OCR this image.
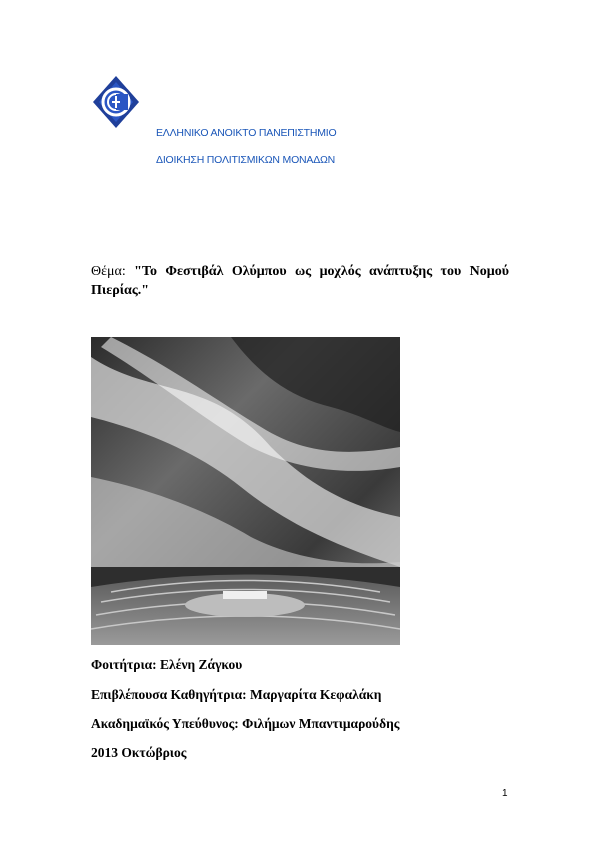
ΕΛΛΗΝΙΚΟ ΑΝΟΙΚΤΟ ΠΑΝΕΠΙΣΤΗΜΙΟ
ΔΙΟΙΚΗΣΗ ΠΟΛΙΤΙΣΜΙΚΩΝ ΜΟΝΑΔΩΝ
Θέμα: "Το Φεστιβάλ Ολύμπου ως μοχλός ανάπτυξης του Νομού Πιερίας."
Φοιτήτρια: Ελένη Ζάγκου
Επιβλέπουσα Καθηγήτρια: Μαργαρίτα Κεφαλάκη
Ακαδημαϊκός Υπεύθυνος: Φιλήμων Μπαντιμαρούδης
2013 Οκτώβριος
1
